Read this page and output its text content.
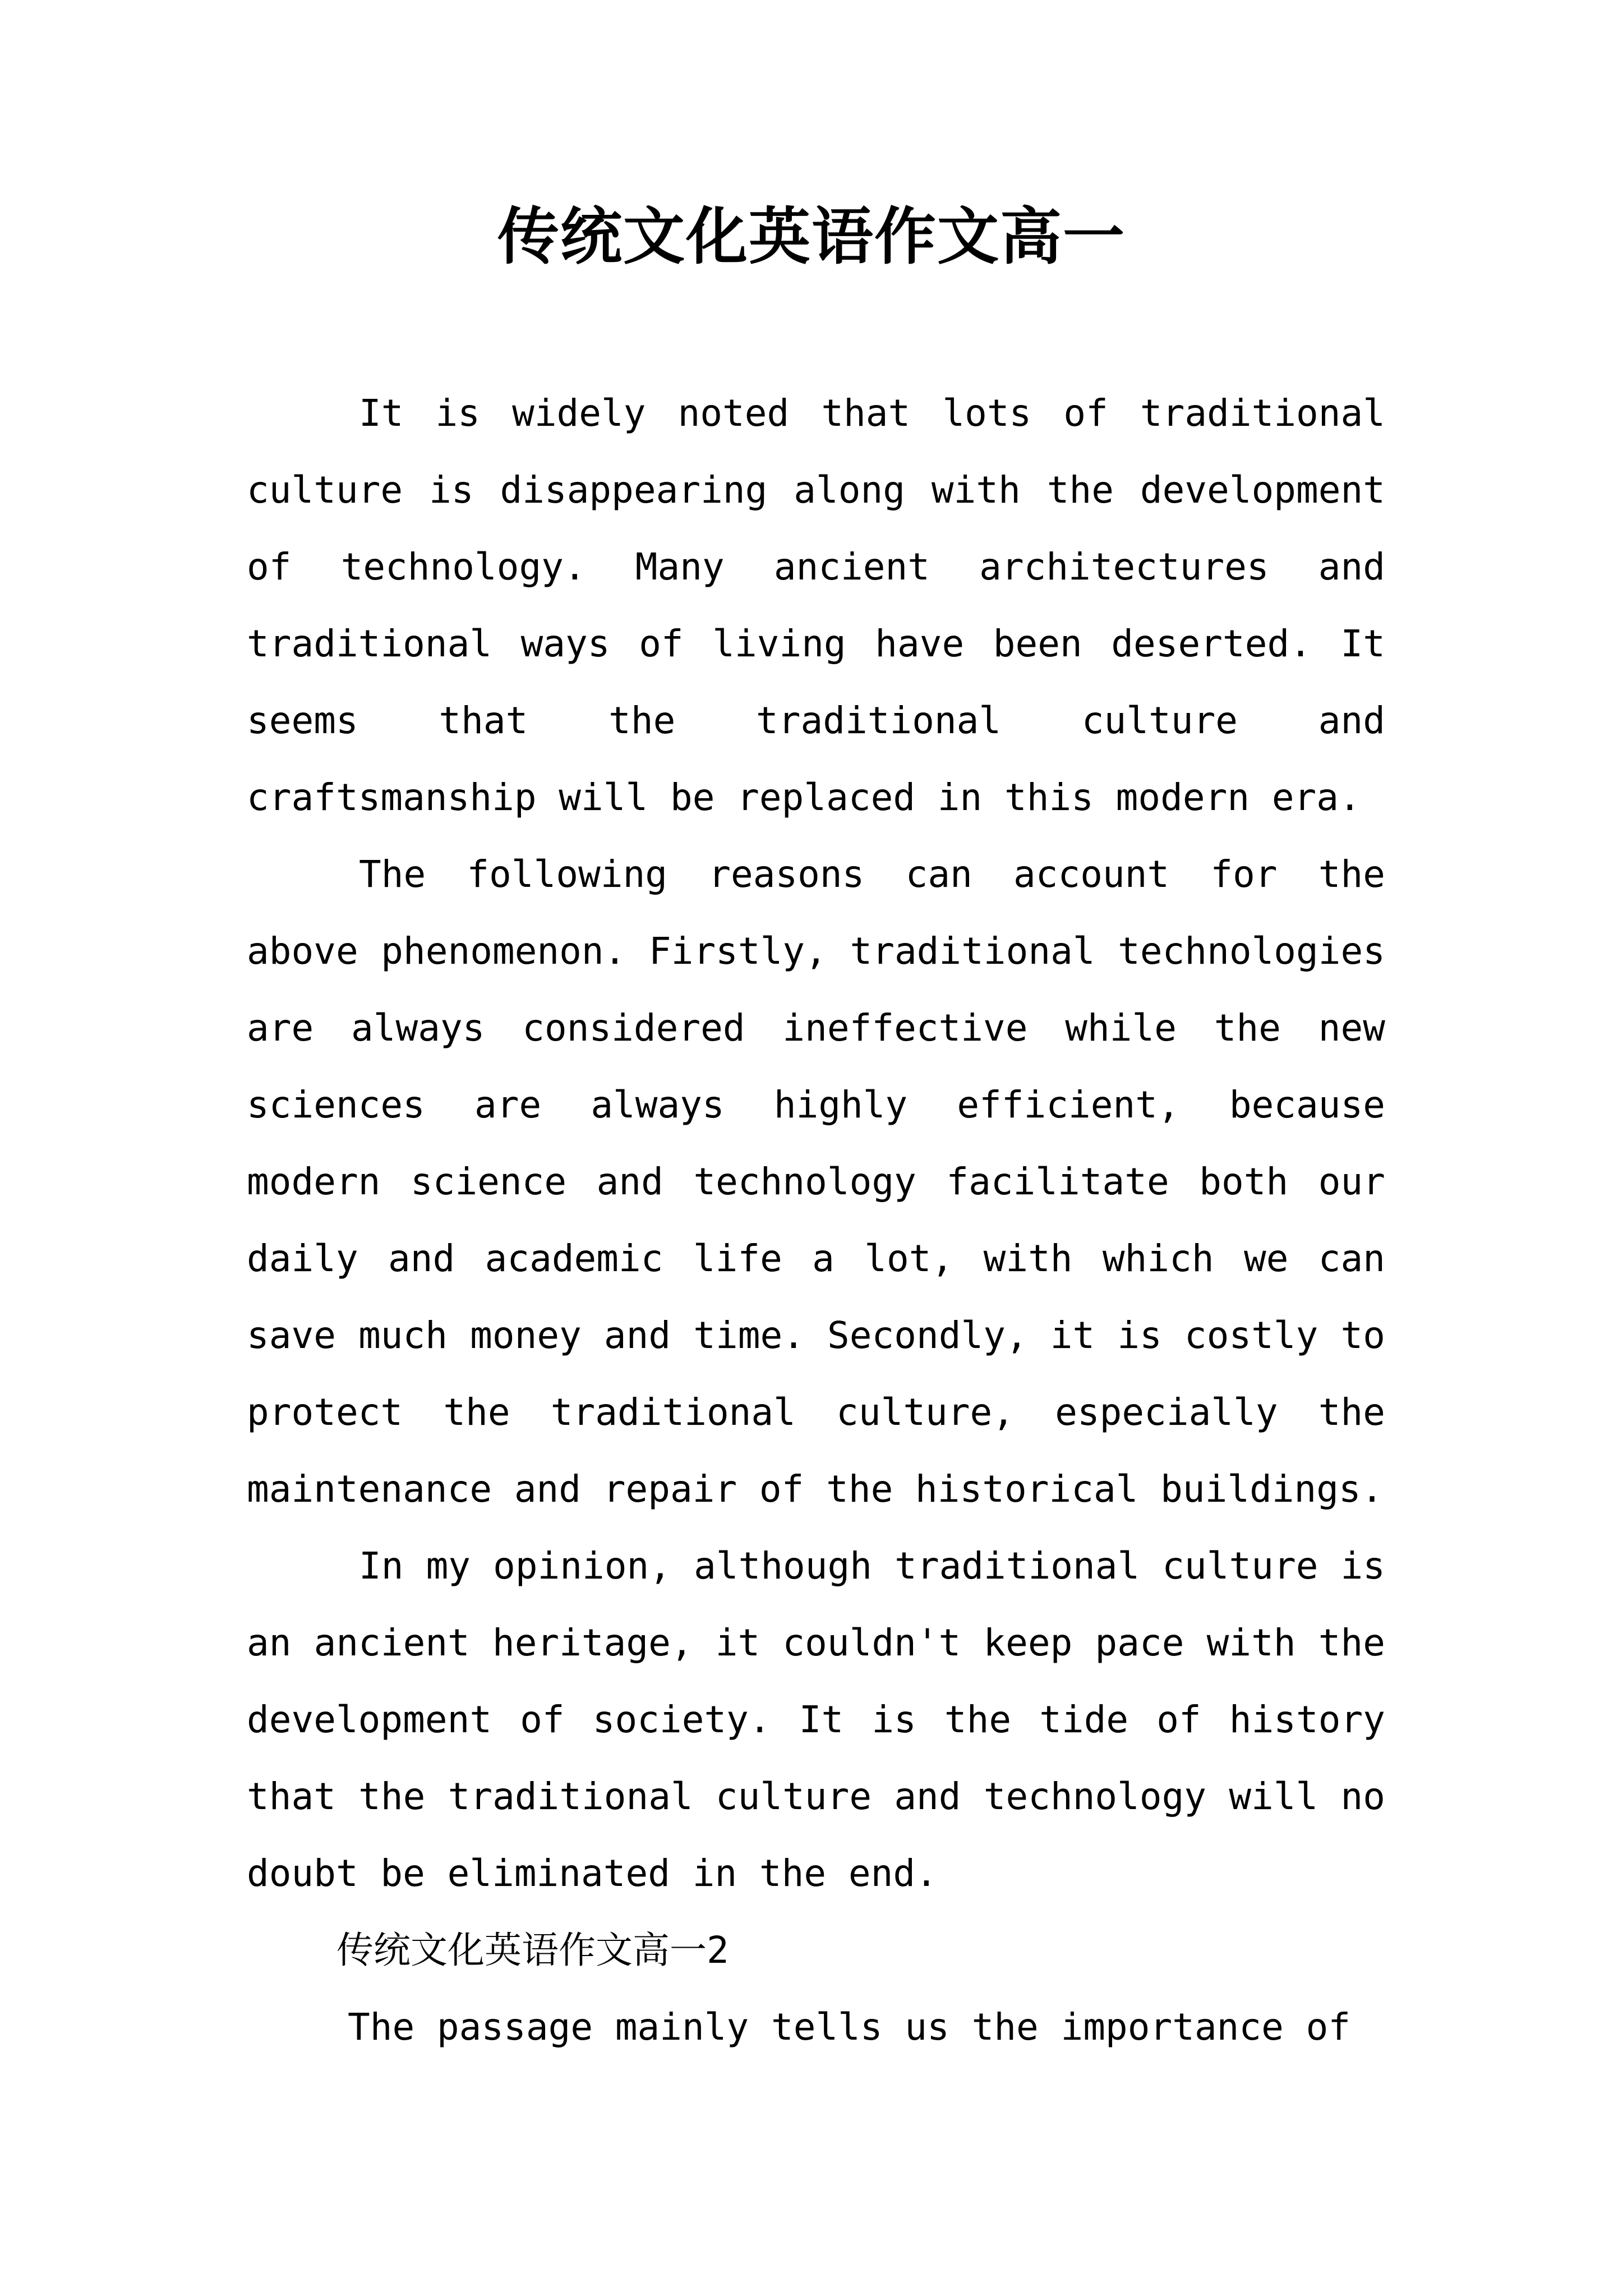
传统文化英语作文高一

It is widely noted that lots of traditional culture is disappearing along with the development of technology. Many ancient architectures and traditional ways of living have been deserted. It seems that the traditional culture and craftsmanship will be replaced in this modern era.

The following reasons can account for the above phenomenon. Firstly, traditional technologies are always considered ineffective while the new sciences are always highly efficient, because modern science and technology facilitate both our daily and academic life a lot, with which we can save much money and time. Secondly, it is costly to protect the traditional culture, especially the maintenance and repair of the historical buildings.

In my opinion, although traditional culture is an ancient heritage, it couldn't keep pace with the development of society. It is the tide of history that the traditional culture and technology will no doubt be eliminated in the end.

传统文化英语作文高一2

The passage mainly tells us the importance of
